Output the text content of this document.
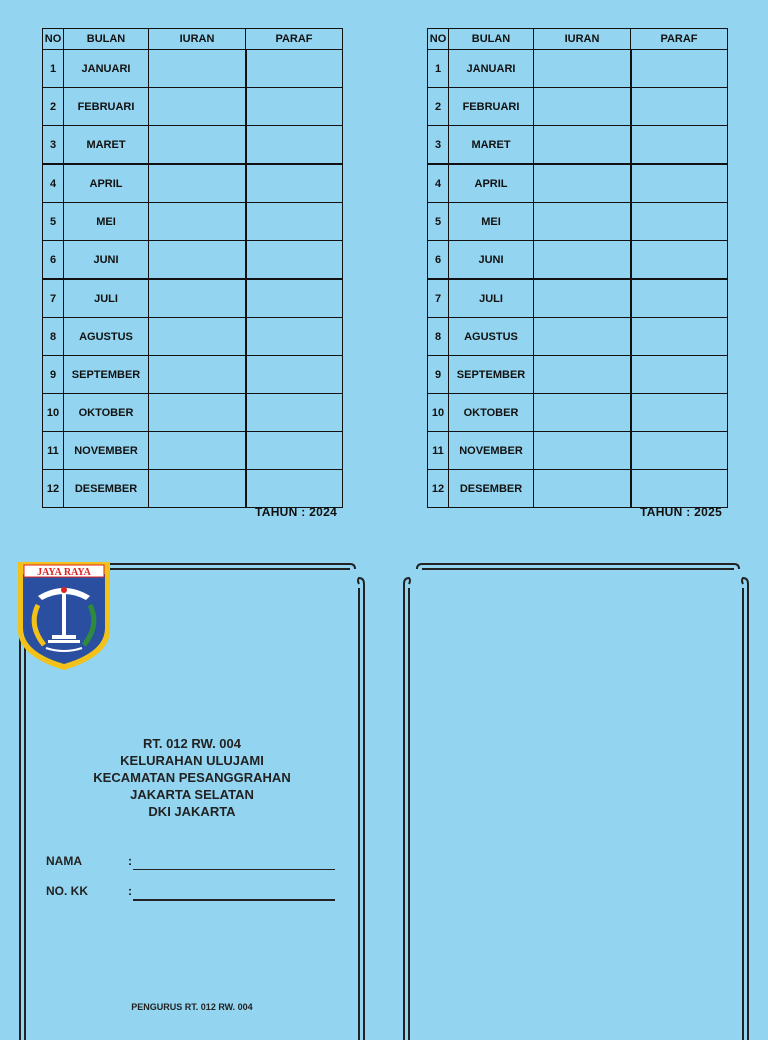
NO	BULAN	IURAN	PARAF
1	JANUARI		
2	FEBRUARI		
3	MARET		
4	APRIL		
5	MEI		
6	JUNI		
7	JULI		
8	AGUSTUS		
9	SEPTEMBER		
10	OKTOBER		
11	NOVEMBER		
12	DESEMBER		
TAHUN : 2024
NO	BULAN	IURAN	PARAF
1	JANUARI		
2	FEBRUARI		
3	MARET		
4	APRIL		
5	MEI		
6	JUNI		
7	JULI		
8	AGUSTUS		
9	SEPTEMBER		
10	OKTOBER		
11	NOVEMBER		
12	DESEMBER		
TAHUN : 2025
JAYA RAYA
RT. 012 RW. 004
KELURAHAN ULUJAMI
KECAMATAN PESANGGRAHAN
JAKARTA SELATAN
DKI JAKARTA
NAMA	:
NO. KK	:
PENGURUS RT. 012 RW. 004
